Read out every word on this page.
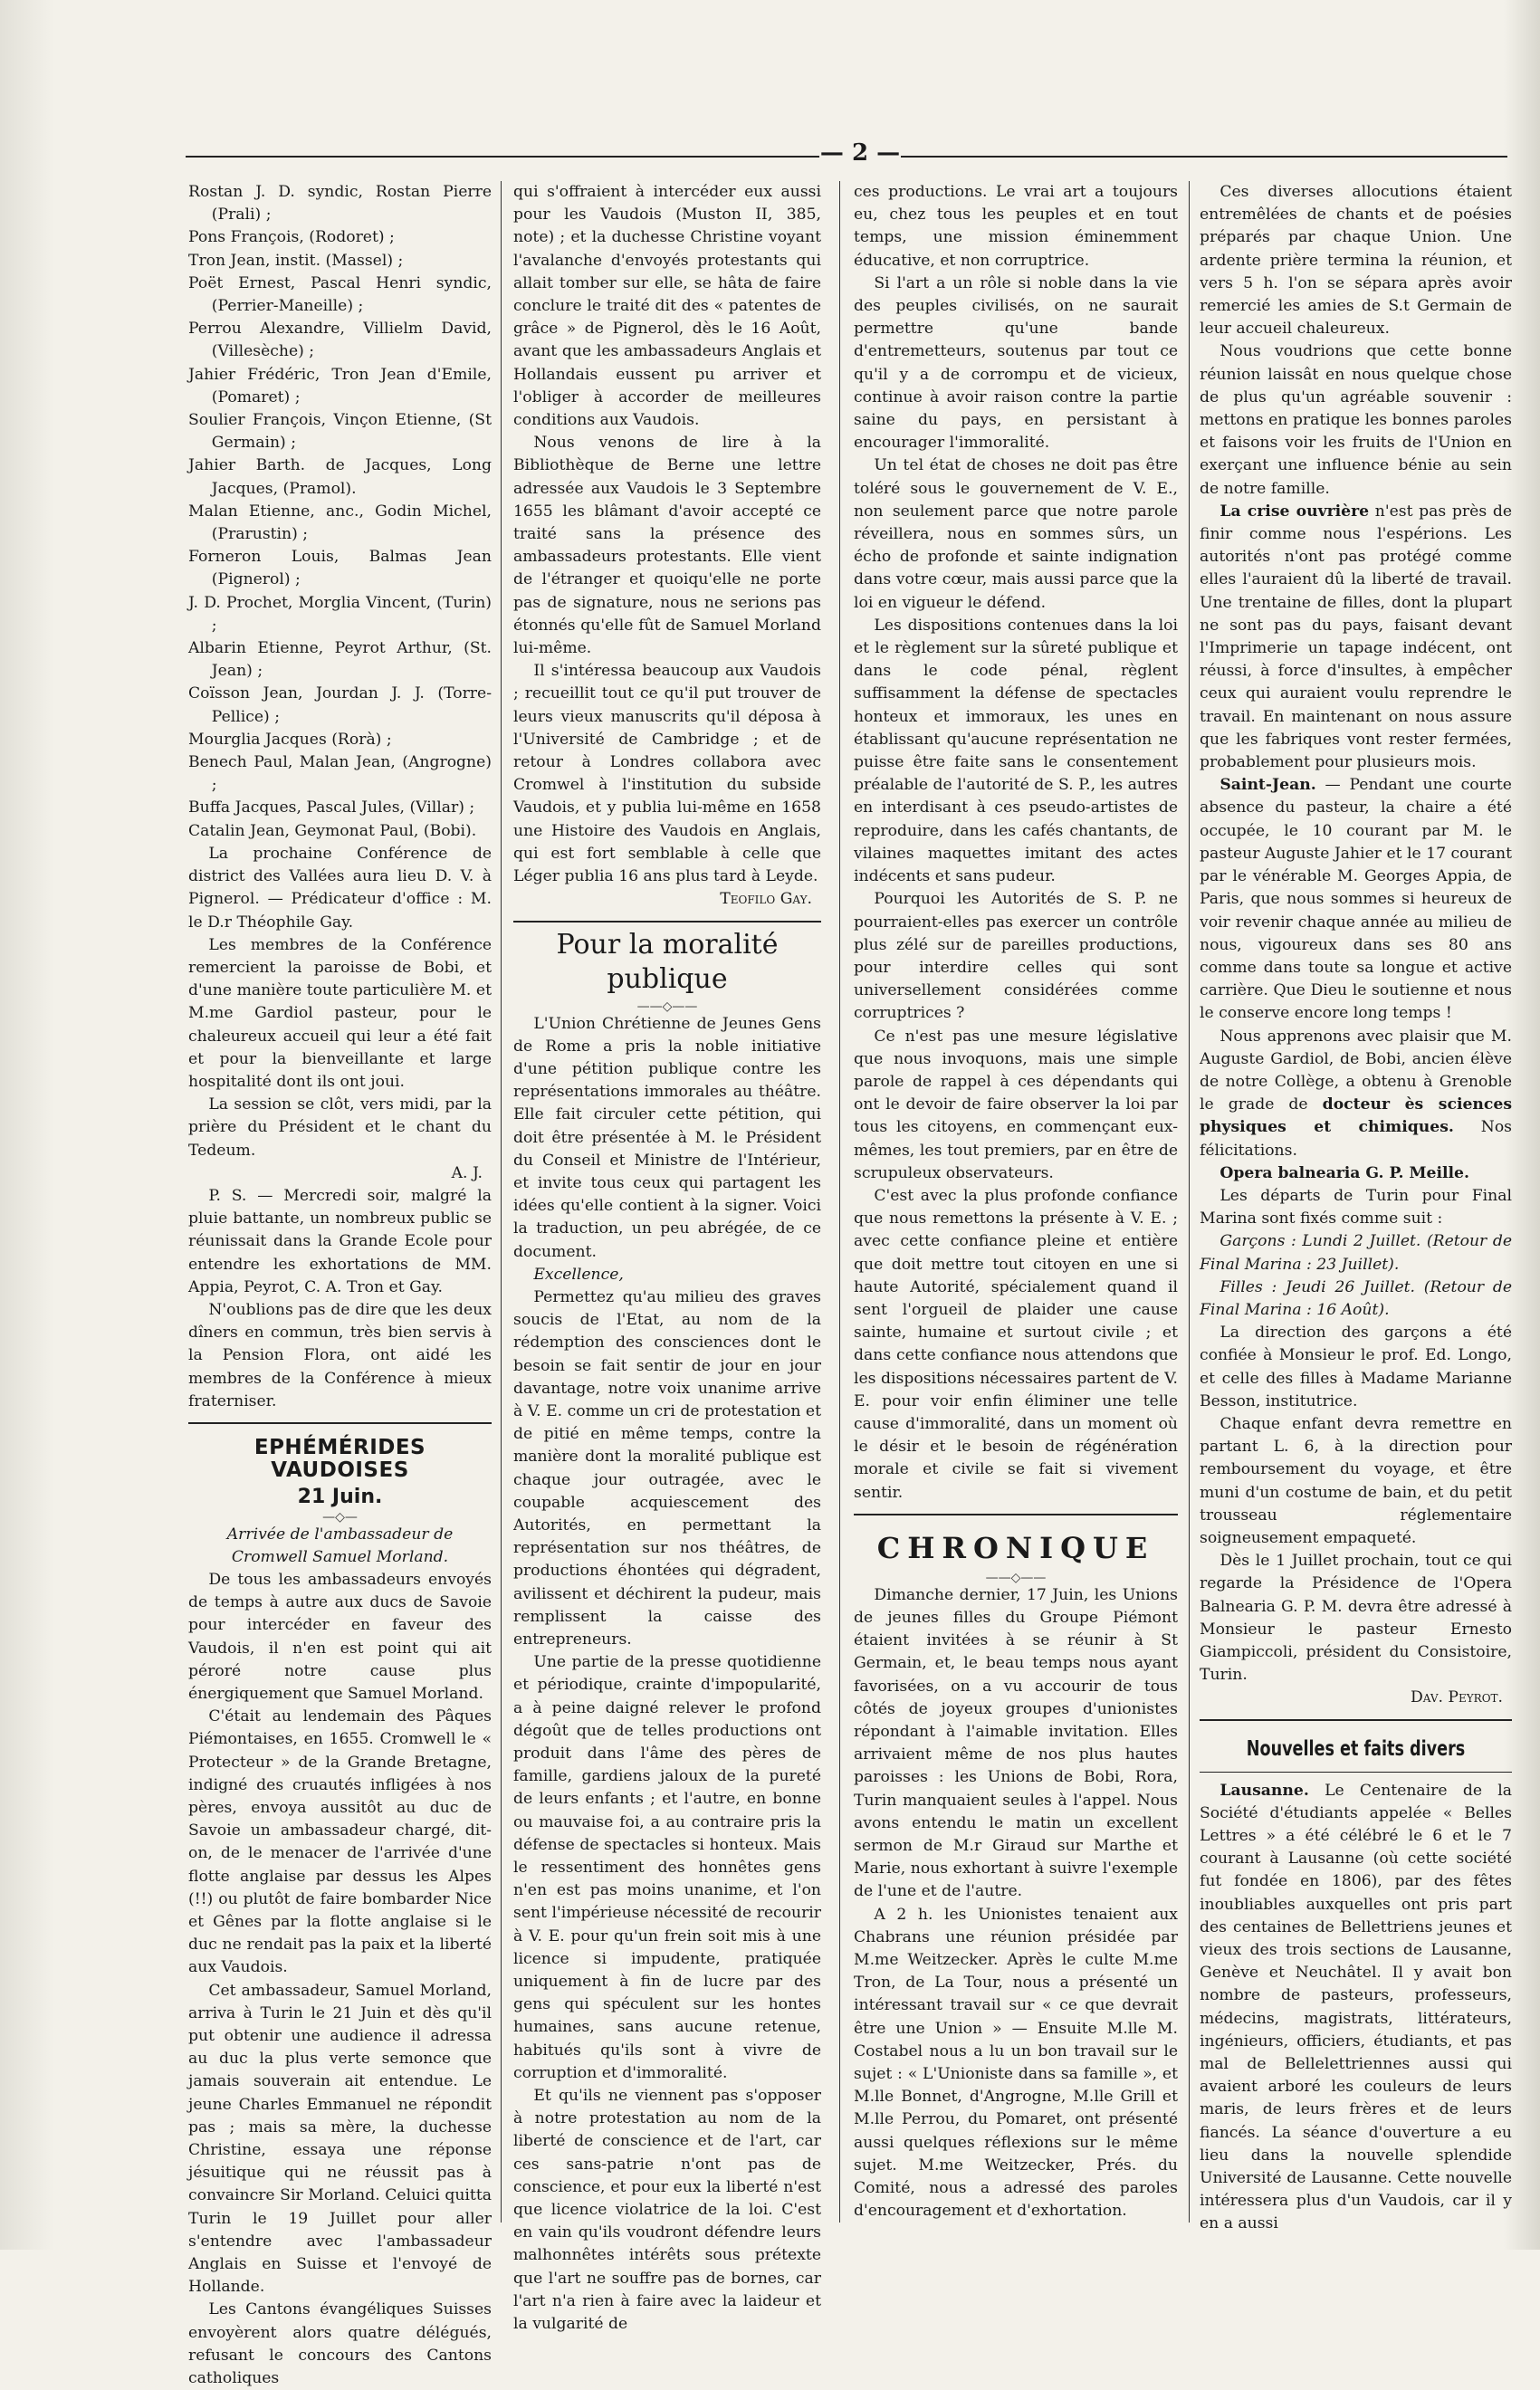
— 2 —

Rostan J. D. syndic, Rostan Pierre (Prali) ;

Pons François, (Rodoret) ;

Tron Jean, instit. (Massel) ;

Poët Ernest, Pascal Henri syndic, (Perrier-Maneille) ;

Perrou Alexandre, Villielm David, (Villesèche) ;

Jahier Frédéric, Tron Jean d'Emile, (Pomaret) ;

Soulier François, Vinçon Etienne, (St Germain) ;

Jahier Barth. de Jacques, Long Jacques, (Pramol).

Malan Etienne, anc., Godin Michel, (Prarustin) ;

Forneron Louis, Balmas Jean (Pignerol) ;

J. D. Prochet, Morglia Vincent, (Turin) ;

Albarin Etienne, Peyrot Arthur, (St. Jean) ;

Coïsson Jean, Jourdan J. J. (Torre-Pellice) ;

Mourglia Jacques (Rorà) ;

Benech Paul, Malan Jean, (Angrogne) ;

Buffa Jacques, Pascal Jules, (Villar) ;

Catalin Jean, Geymonat Paul, (Bobi).

La prochaine Conférence de district des Vallées aura lieu D. V. à Pignerol. — Prédicateur d'office : M. le D.r Théophile Gay.

Les membres de la Conférence remercient la paroisse de Bobi, et d'une manière toute particulière M. et M.me Gardiol pasteur, pour le chaleureux accueil qui leur a été fait et pour la bienveillante et large hospitalité dont ils ont joui.

La session se clôt, vers midi, par la prière du Président et le chant du Tedeum.

A. J.

P. S. — Mercredi soir, malgré la pluie battante, un nombreux public se réunissait dans la Grande Ecole pour entendre les exhortations de MM. Appia, Peyrot, C. A. Tron et Gay.

N'oublions pas de dire que les deux dîners en commun, très bien servis à la Pension Flora, ont aidé les membres de la Conférence à mieux fraterniser.

EPHÉMÉRIDES VAUDOISES
21 Juin.
—◇—

Arrivée de l'ambassadeur de Cromwell Samuel Morland.

De tous les ambassadeurs envoyés de temps à autre aux ducs de Savoie pour intercéder en faveur des Vaudois, il n'en est point qui ait péroré notre cause plus énergiquement que Samuel Morland.

C'était au lendemain des Pâques Piémontaises, en 1655. Cromwell le « Protecteur » de la Grande Bretagne, indigné des cruautés infligées à nos pères, envoya aussitôt au duc de Savoie un ambassadeur chargé, dit-on, de le menacer de l'arrivée d'une flotte anglaise par dessus les Alpes (!!) ou plutôt de faire bombarder Nice et Gênes par la flotte anglaise si le duc ne rendait pas la paix et la liberté aux Vaudois.

Cet ambassadeur, Samuel Morland, arriva à Turin le 21 Juin et dès qu'il put obtenir une audience il adressa au duc la plus verte semonce que jamais souverain ait entendue. Le jeune Charles Emmanuel ne répondit pas ; mais sa mère, la duchesse Christine, essaya une réponse jésuitique qui ne réussit pas à convaincre Sir Morland. Celuici quitta Turin le 19 Juillet pour aller s'entendre avec l'ambassadeur Anglais en Suisse et l'envoyé de Hollande.

Les Cantons évangéliques Suisses envoyèrent alors quatre délégués, refusant le concours des Cantons catholiques

qui s'offraient à intercéder eux aussi pour les Vaudois (Muston II, 385, note) ; et la duchesse Christine voyant l'avalanche d'envoyés protestants qui allait tomber sur elle, se hâta de faire conclure le traité dit des « patentes de grâce » de Pignerol, dès le 16 Août, avant que les ambassadeurs Anglais et Hollandais eussent pu arriver et l'obliger à accorder de meilleures conditions aux Vaudois.

Nous venons de lire à la Bibliothèque de Berne une lettre adressée aux Vaudois le 3 Septembre 1655 les blâmant d'avoir accepté ce traité sans la présence des ambassadeurs protestants. Elle vient de l'étranger et quoiqu'elle ne porte pas de signature, nous ne serions pas étonnés qu'elle fût de Samuel Morland lui-même.

Il s'intéressa beaucoup aux Vaudois ; recueillit tout ce qu'il put trouver de leurs vieux manuscrits qu'il déposa à l'Université de Cambridge ; et de retour à Londres collabora avec Cromwel à l'institution du subside Vaudois, et y publia lui-même en 1658 une Histoire des Vaudois en Anglais, qui est fort semblable à celle que Léger publia 16 ans plus tard à Leyde.

Teofilo Gay.

Pour la moralité publique
——◇——

L'Union Chrétienne de Jeunes Gens de Rome a pris la noble initiative d'une pétition publique contre les représentations immorales au théâtre. Elle fait circuler cette pétition, qui doit être présentée à M. le Président du Conseil et Ministre de l'Intérieur, et invite tous ceux qui partagent les idées qu'elle contient à la signer. Voici la traduction, un peu abrégée, de ce document.

Excellence,

Permettez qu'au milieu des graves soucis de l'Etat, au nom de la rédemption des consciences dont le besoin se fait sentir de jour en jour davantage, notre voix unanime arrive à V. E. comme un cri de protestation et de pitié en même temps, contre la manière dont la moralité publique est chaque jour outragée, avec le coupable acquiescement des Autorités, en permettant la représentation sur nos théâtres, de productions éhontées qui dégradent, avilissent et déchirent la pudeur, mais remplissent la caisse des entrepreneurs.

Une partie de la presse quotidienne et périodique, crainte d'impopularité, a à peine daigné relever le profond dégoût que de telles productions ont produit dans l'âme des pères de famille, gardiens jaloux de la pureté de leurs enfants ; et l'autre, en bonne ou mauvaise foi, a au contraire pris la défense de spectacles si honteux. Mais le ressentiment des honnêtes gens n'en est pas moins unanime, et l'on sent l'impérieuse nécessité de recourir à V. E. pour qu'un frein soit mis à une licence si impudente, pratiquée uniquement à fin de lucre par des gens qui spéculent sur les hontes humaines, sans aucune retenue, habitués qu'ils sont à vivre de corruption et d'immoralité.

Et qu'ils ne viennent pas s'opposer à notre protestation au nom de la liberté de conscience et de l'art, car ces sans-patrie n'ont pas de conscience, et pour eux la liberté n'est que licence violatrice de la loi. C'est en vain qu'ils voudront défendre leurs malhonnêtes intérêts sous prétexte que l'art ne souffre pas de bornes, car l'art n'a rien à faire avec la laideur et la vulgarité de

ces productions. Le vrai art a toujours eu, chez tous les peuples et en tout temps, une mission éminemment éducative, et non corruptrice.

Si l'art a un rôle si noble dans la vie des peuples civilisés, on ne saurait permettre qu'une bande d'entremetteurs, soutenus par tout ce qu'il y a de corrompu et de vicieux, continue à avoir raison contre la partie saine du pays, en persistant à encourager l'immoralité.

Un tel état de choses ne doit pas être toléré sous le gouvernement de V. E., non seulement parce que notre parole réveillera, nous en sommes sûrs, un écho de profonde et sainte indignation dans votre cœur, mais aussi parce que la loi en vigueur le défend.

Les dispositions contenues dans la loi et le règlement sur la sûreté publique et dans le code pénal, règlent suffisamment la défense de spectacles honteux et immoraux, les unes en établissant qu'aucune représentation ne puisse être faite sans le consentement préalable de l'autorité de S. P., les autres en interdisant à ces pseudo-artistes de reproduire, dans les cafés chantants, de vilaines maquettes imitant des actes indécents et sans pudeur.

Pourquoi les Autorités de S. P. ne pourraient-elles pas exercer un contrôle plus zélé sur de pareilles productions, pour interdire celles qui sont universellement considérées comme corruptrices ?

Ce n'est pas une mesure législative que nous invoquons, mais une simple parole de rappel à ces dépendants qui ont le devoir de faire observer la loi par tous les citoyens, en commençant eux-mêmes, les tout premiers, par en être de scrupuleux observateurs.

C'est avec la plus profonde confiance que nous remettons la présente à V. E. ; avec cette confiance pleine et entière que doit mettre tout citoyen en une si haute Autorité, spécialement quand il sent l'orgueil de plaider une cause sainte, humaine et surtout civile ; et dans cette confiance nous attendons que les dispositions nécessaires partent de V. E. pour voir enfin éliminer une telle cause d'immoralité, dans un moment où le désir et le besoin de régénération morale et civile se fait si vivement sentir.

CHRONIQUE
——◇——

Dimanche dernier, 17 Juin, les Unions de jeunes filles du Groupe Piémont étaient invitées à se réunir à St Germain, et, le beau temps nous ayant favorisées, on a vu accourir de tous côtés de joyeux groupes d'unionistes répondant à l'aimable invitation. Elles arrivaient même de nos plus hautes paroisses : les Unions de Bobi, Rora, Turin manquaient seules à l'appel. Nous avons entendu le matin un excellent sermon de M.r Giraud sur Marthe et Marie, nous exhortant à suivre l'exemple de l'une et de l'autre.

A 2 h. les Unionistes tenaient aux Chabrans une réunion présidée par M.me Weitzecker. Après le culte M.me Tron, de La Tour, nous a présenté un intéressant travail sur « ce que devrait être une Union » — Ensuite M.lle M. Costabel nous a lu un bon travail sur le sujet : « L'Unioniste dans sa famille », et M.lle Bonnet, d'Angrogne, M.lle Grill et M.lle Perrou, du Pomaret, ont présenté aussi quelques réflexions sur le même sujet. M.me Weitzecker, Prés. du Comité, nous a adressé des paroles d'encouragement et d'exhortation.

Ces diverses allocutions étaient entremêlées de chants et de poésies préparés par chaque Union. Une ardente prière termina la réunion, et vers 5 h. l'on se sépara après avoir remercié les amies de S.t Germain de leur accueil chaleureux.

Nous voudrions que cette bonne réunion laissât en nous quelque chose de plus qu'un agréable souvenir : mettons en pratique les bonnes paroles et faisons voir les fruits de l'Union en exerçant une influence bénie au sein de notre famille.

La crise ouvrière n'est pas près de finir comme nous l'espérions. Les autorités n'ont pas protégé comme elles l'auraient dû la liberté de travail. Une trentaine de filles, dont la plupart ne sont pas du pays, faisant devant l'Imprimerie un tapage indécent, ont réussi, à force d'insultes, à empêcher ceux qui auraient voulu reprendre le travail. En maintenant on nous assure que les fabriques vont rester fermées, probablement pour plusieurs mois.

Saint-Jean. — Pendant une courte absence du pasteur, la chaire a été occupée, le 10 courant par M. le pasteur Auguste Jahier et le 17 courant par le vénérable M. Georges Appia, de Paris, que nous sommes si heureux de voir revenir chaque année au milieu de nous, vigoureux dans ses 80 ans comme dans toute sa longue et active carrière. Que Dieu le soutienne et nous le conserve encore long temps !

Nous apprenons avec plaisir que M. Auguste Gardiol, de Bobi, ancien élève de notre Collège, a obtenu à Grenoble le grade de docteur ès sciences physiques et chimiques. Nos félicitations.

Opera balnearia G. P. Meille.

Les départs de Turin pour Final Marina sont fixés comme suit :

Garçons : Lundi 2 Juillet. (Retour de Final Marina : 23 Juillet).

Filles : Jeudi 26 Juillet. (Retour de Final Marina : 16 Août).

La direction des garçons a été confiée à Monsieur le prof. Ed. Longo, et celle des filles à Madame Marianne Besson, institutrice.

Chaque enfant devra remettre en partant L. 6, à la direction pour remboursement du voyage, et être muni d'un costume de bain, et du petit trousseau réglementaire soigneusement empaqueté.

Dès le 1 Juillet prochain, tout ce qui regarde la Présidence de l'Opera Balnearia G. P. M. devra être adressé à Monsieur le pasteur Ernesto Giampiccoli, président du Consistoire, Turin.

Dav. Peyrot.

Nouvelles et faits divers

Lausanne. Le Centenaire de la Société d'étudiants appelée « Belles Lettres » a été célébré le 6 et le 7 courant à Lausanne (où cette société fut fondée en 1806), par des fêtes inoubliables auxquelles ont pris part des centaines de Bellettriens jeunes et vieux des trois sections de Lausanne, Genève et Neuchâtel. Il y avait bon nombre de pasteurs, professeurs, médecins, magistrats, littérateurs, ingénieurs, officiers, étudiants, et pas mal de Bellelettriennes aussi qui avaient arboré les couleurs de leurs maris, de leurs frères et de leurs fiancés. La séance d'ouverture a eu lieu dans la nouvelle splendide Université de Lausanne. Cette nouvelle intéressera plus d'un Vaudois, car il y en a aussi
